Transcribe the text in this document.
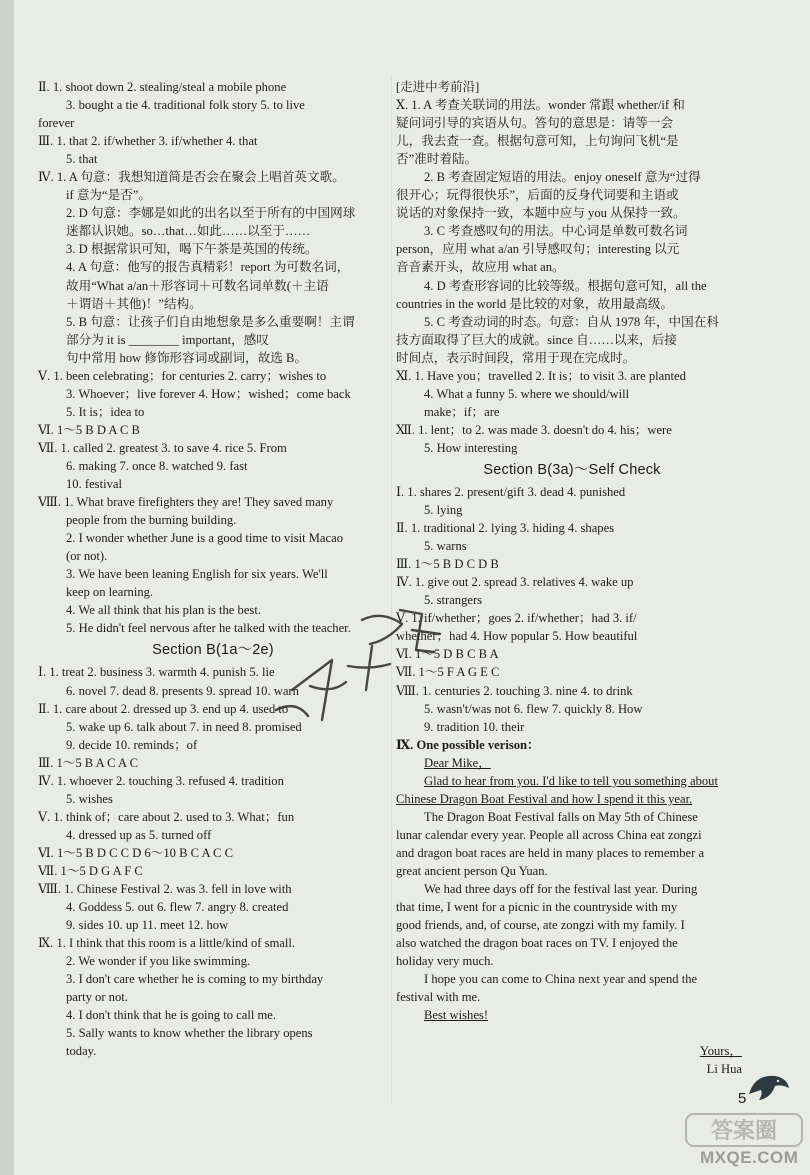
Ⅱ. 1. shoot down 2. stealing/steal a mobile phone
3. bought a tie 4. traditional folk story 5. to live
forever
Ⅲ. 1. that 2. if/whether 3. if/whether 4. that
5. that
Ⅳ. 1. A 句意：我想知道简是否会在聚会上唱首英文歌。
if 意为“是否”。
2. D 句意：李娜是如此的出名以至于所有的中国网球
迷都认识她。so…that…如此……以至于……
3. D 根据常识可知，喝下午茶是英国的传统。
4. A 句意：他写的报告真精彩！report 为可数名词，
故用“What a/an＋形容词＋可数名词单数(＋主语
＋谓语＋其他)！”结构。
5. B 句意：让孩子们自由地想象是多么重要啊！主谓
部分为 it is ________ important，感叹
句中常用 how 修饰形容词或副词，故选 B。
Ⅴ. 1. been celebrating；for centuries 2. carry；wishes to
3. Whoever；live forever 4. How；wished；come back
5. It is；idea to
Ⅵ. 1～5 B D A C B
Ⅶ. 1. called 2. greatest 3. to save 4. rice 5. From
6. making 7. once 8. watched 9. fast
10. festival
Ⅷ. 1. What brave firefighters they are! They saved many
people from the burning building.
2. I wonder whether June is a good time to visit Macao
(or not).
3. We have been leaning English for six years. We'll
keep on learning.
4. We all think that his plan is the best.
5. He didn't feel nervous after he talked with the teacher.
Section B(1a～2e)
Ⅰ. 1. treat 2. business 3. warmth 4. punish 5. lie
6. novel 7. dead 8. presents 9. spread 10. warn
Ⅱ. 1. care about 2. dressed up 3. end up 4. used to
5. wake up 6. talk about 7. in need 8. promised
9. decide 10. reminds；of
Ⅲ. 1～5 B A C A C
Ⅳ. 1. whoever 2. touching 3. refused 4. tradition
5. wishes
Ⅴ. 1. think of；care about 2. used to 3. What；fun
4. dressed up as 5. turned off
Ⅵ. 1～5 B D C C D 6～10 B C A C C
Ⅶ. 1～5 D G A F C
Ⅷ. 1. Chinese Festival 2. was 3. fell in love with
4. Goddess 5. out 6. flew 7. angry 8. created
9. sides 10. up 11. meet 12. how
Ⅸ. 1. I think that this room is a little/kind of small.
2. We wonder if you like swimming.
3. I don't care whether he is coming to my birthday
party or not.
4. I don't think that he is going to call me.
5. Sally wants to know whether the library opens
today.
[走进中考前沿]
Ⅹ. 1. A 考查关联词的用法。wonder 常跟 whether/if 和
疑问词引导的宾语从句。答句的意思是：请等一会
儿，我去查一查。根据句意可知，上句询问飞机“是
否”准时着陆。
2. B 考查固定短语的用法。enjoy oneself 意为“过得
很开心；玩得很快乐”，后面的反身代词要和主语或
说话的对象保持一致，本题中应与 you 从保持一致。
3. C 考查感叹句的用法。中心词是单数可数名词
person，应用 what a/an 引导感叹句；interesting 以元
音音素开头，故应用 what an。
4. D 考查形容词的比较等级。根据句意可知，all the
countries in the world 是比较的对象，故用最高级。
5. C 考查动词的时态。句意：自从 1978 年，中国在科
技方面取得了巨大的成就。since 自……以来，后接
时间点，表示时间段，常用于现在完成时。
Ⅺ. 1. Have you；travelled 2. It is；to visit 3. are planted
4. What a funny 5. where we should/will
make；if；are
Ⅻ. 1. lent；to 2. was made 3. doesn't do 4. his；were
5. How interesting
Section B(3a)～Self Check
Ⅰ. 1. shares 2. present/gift 3. dead 4. punished
5. lying
Ⅱ. 1. traditional 2. lying 3. hiding 4. shapes
5. warns
Ⅲ. 1～5 B D C D B
Ⅳ. 1. give out 2. spread 3. relatives 4. wake up
5. strangers
Ⅴ. 1. if/whether；goes 2. if/whether；had 3. if/
whether；had 4. How popular 5. How beautiful
Ⅵ. 1～5 D B C B A
Ⅶ. 1～5 F A G E C
Ⅷ. 1. centuries 2. touching 3. nine 4. to drink
5. wasn't/was not 6. flew 7. quickly 8. How
9. tradition 10. their
Ⅸ. One possible verison：
Dear Mike，
Glad to hear from you. I'd like to tell you something about
Chinese Dragon Boat Festival and how I spend it this year.
The Dragon Boat Festival falls on May 5th of Chinese
lunar calendar every year. People all across China eat zongzi
and dragon boat races are held in many places to remember a
great ancient person Qu Yuan.
We had three days off for the festival last year. During
that time, I went for a picnic in the countryside with my
good friends, and, of course, ate zongzi with my family. I
also watched the dragon boat races on TV. I enjoyed the
holiday very much.
I hope you can come to China next year and spend the
festival with me.
Best wishes!
Yours，
Li Hua
5
答案圈
MXQE.COM
